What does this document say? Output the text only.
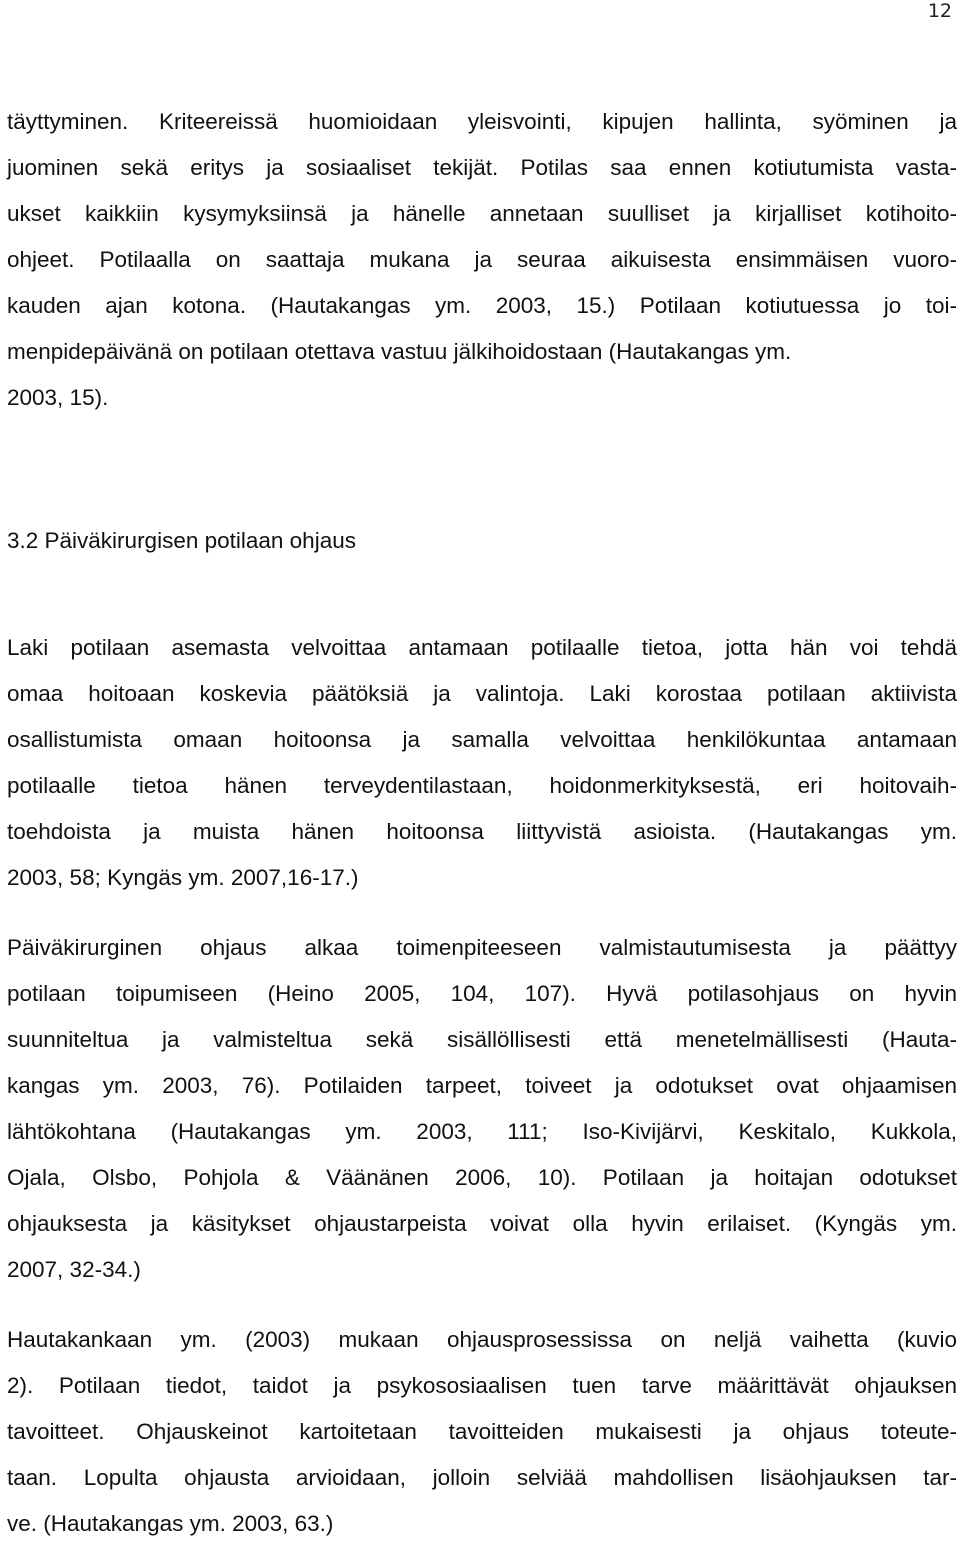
12

täyttyminen. Kriteereissä huomioidaan yleisvointi, kipujen hallinta, syöminen ja

juominen sekä eritys ja sosiaaliset tekijät. Potilas saa ennen kotiutumista vasta-

ukset kaikkiin kysymyksiinsä ja hänelle annetaan suulliset ja kirjalliset kotihoito-

ohjeet. Potilaalla on saattaja mukana ja seuraa aikuisesta ensimmäisen vuoro-

kauden ajan kotona. (Hautakangas ym. 2003, 15.) Potilaan kotiutuessa jo toi-

menpidepäivänä on potilaan otettava vastuu jälkihoidostaan (Hautakangas ym.

2003, 15).

3.2 Päiväkirurgisen potilaan ohjaus

Laki potilaan asemasta velvoittaa antamaan potilaalle tietoa, jotta hän voi tehdä

omaa hoitoaan koskevia päätöksiä ja valintoja. Laki korostaa potilaan aktiivista

osallistumista omaan hoitoonsa ja samalla velvoittaa henkilökuntaa antamaan

potilaalle tietoa hänen terveydentilastaan, hoidonmerkityksestä, eri hoitovaih-

toehdoista ja muista hänen hoitoonsa liittyvistä asioista. (Hautakangas ym.

2003, 58; Kyngäs ym. 2007,16-17.)

Päiväkirurginen ohjaus alkaa toimenpiteeseen valmistautumisesta ja päättyy

potilaan toipumiseen (Heino 2005, 104, 107). Hyvä potilasohjaus on hyvin

suunniteltua ja valmisteltua sekä sisällöllisesti että menetelmällisesti (Hauta-

kangas ym. 2003, 76). Potilaiden tarpeet, toiveet ja odotukset ovat ohjaamisen

lähtökohtana (Hautakangas ym. 2003, 111; Iso-Kivijärvi, Keskitalo, Kukkola,

Ojala, Olsbo, Pohjola & Väänänen 2006, 10). Potilaan ja hoitajan odotukset

ohjauksesta ja käsitykset ohjaustarpeista voivat olla hyvin erilaiset. (Kyngäs ym.

2007, 32-34.)

Hautakankaan ym. (2003) mukaan ohjausprosessissa on neljä vaihetta (kuvio

2). Potilaan tiedot, taidot ja psykososiaalisen tuen tarve määrittävät ohjauksen

tavoitteet. Ohjauskeinot kartoitetaan tavoitteiden mukaisesti ja ohjaus toteute-

taan. Lopulta ohjausta arvioidaan, jolloin selviää mahdollisen lisäohjauksen tar-

ve. (Hautakangas ym. 2003, 63.)
